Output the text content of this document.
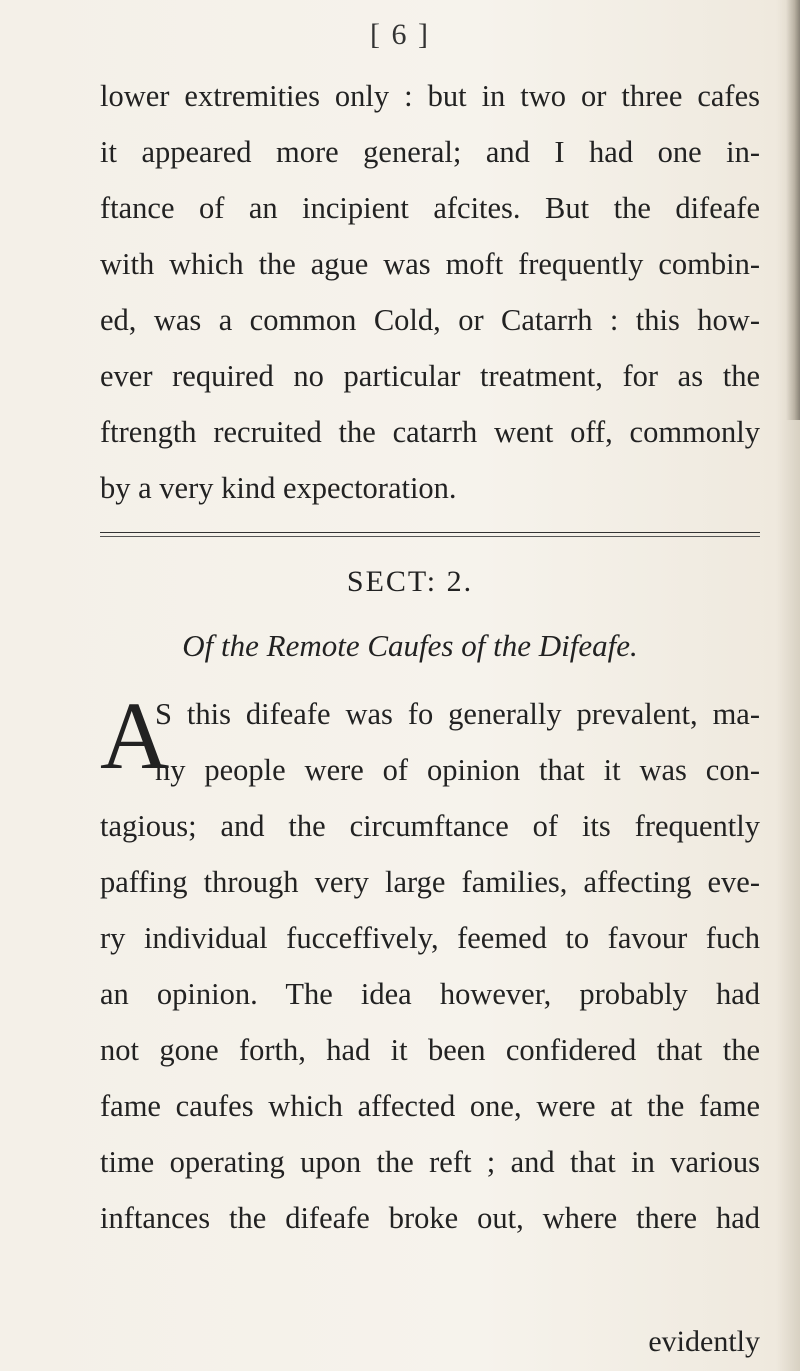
[ 6 ]
lower extremities only : but in two or three cafes
it appeared more general; and I had one in-
ftance of an incipient afcites. But the difeafe
with which the ague was moft frequently combin-
ed, was a common Cold, or Catarrh : this how-
ever required no particular treatment, for as the
ftrength recruited the catarrh went off, commonly
by a very kind expectoration.
SECT: 2.
Of the Remote Caufes of the Difeafe.
A
S this difeafe was fo generally prevalent, ma-
ny people were of opinion that it was con-
tagious; and the circumftance of its frequently
paffing through very large families, affecting eve-
ry individual fucceffively, feemed to favour fuch
an opinion. The idea however, probably had
not gone forth, had it been confidered that the
fame caufes which affected one, were at the fame
time operating upon the reft ; and that in various
inftances the difeafe broke out, where there had
evidently
